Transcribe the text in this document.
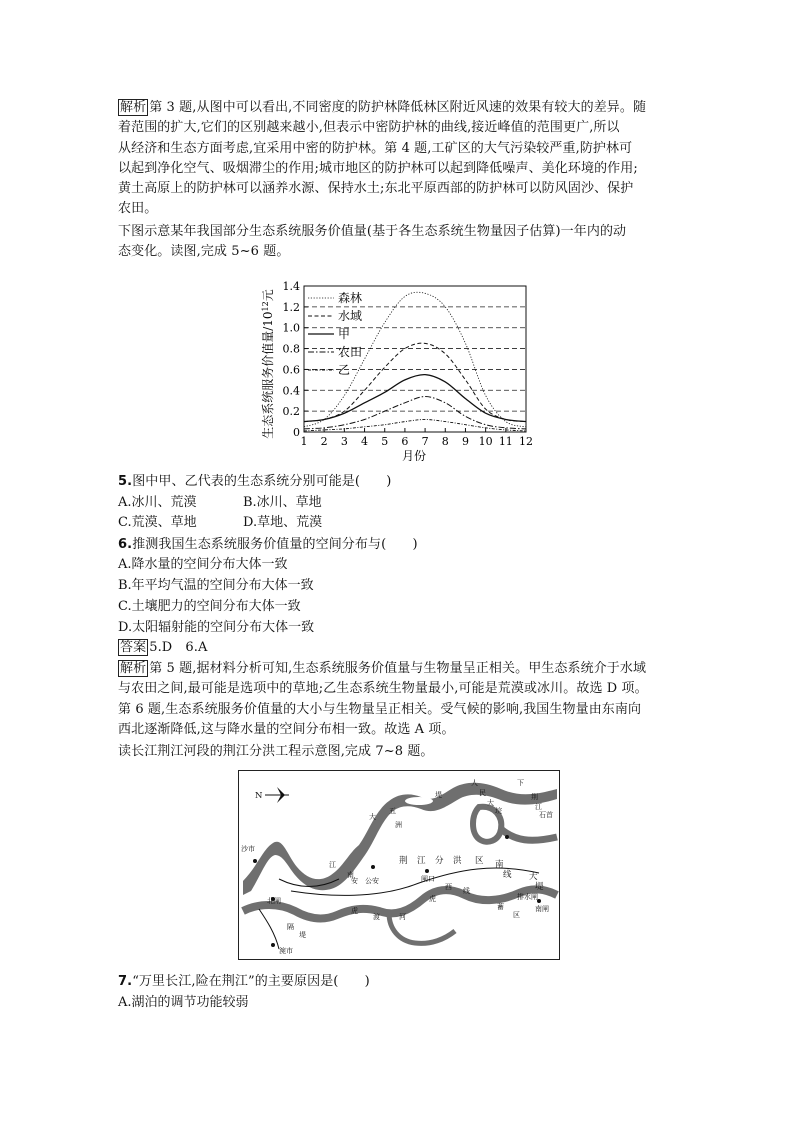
解析 第 3 题,从图中可以看出,不同密度的防护林降低林区附近风速的效果有较大的差异。随
着范围的扩大,它们的区别越来越小,但表示中密防护林的曲线,接近峰值的范围更广,所以
从经济和生态方面考虑,宜采用中密的防护林。第 4 题,工矿区的大气污染较严重,防护林可
以起到净化空气、吸烟滞尘的作用;城市地区的防护林可以起到降低噪声、美化环境的作用;
黄土高原上的防护林可以涵养水源、保持水土;东北平原西部的防护林可以防风固沙、保护
农田。
下图示意某年我国部分生态系统服务价值量(基于各生态系统生物量因子估算)一年内的动
态变化。读图,完成 5~6 题。
0
0.2
0.4
0.6
0.8
1.0
1.2
1.4
1 2 3 4 5 6 7 8 9 10 11 12
森林
水域
甲
农田
乙
生态系统服务价值量$/10^{12}$元
月份
5.图中甲、乙代表的生态系统分别可能是(　　)
A.冰川、荒漠	B.冰川、草地
C.荒漠、草地	D.草地、荒漠
6.推测我国生态系统服务价值量的空间分布与(　　)
A.降水量的空间分布大体一致
B.年平均气温的空间分布大体一致
C.土壤肥力的空间分布大体一致
D.太阳辐射能的空间分布大体一致
答案 5.D　6.A
解析 第 5 题,据材料分析可知,生态系统服务价值量与生物量呈正相关。甲生态系统介于水域
与农田之间,最可能是选项中的草地;乙生态系统生物量最小,可能是荒漠或冰川。故选 D 项。
第 6 题,生态系统服务价值量的大小与生物量呈正相关。受气候的影响,我国生物量由东南向
西北逐渐降低,这与降水量的空间分布相一致。故选 A 项。
读长江荆江河段的荆江分洪工程示意图,完成 7~8 题。
N
人
民
大
垸
堤
下
荆
江
石首
大
五
洲
荆 江 分 洪 区 南
线 大
堤
排水闸
沙市
江
南
安 公安	闸口
西 线
蓄
区
北闸
虎
渡	河
隔
堤
南闸
涴市
虎
7.“万里长江,险在荆江”的主要原因是(　　)
A.湖泊的调节功能较弱
